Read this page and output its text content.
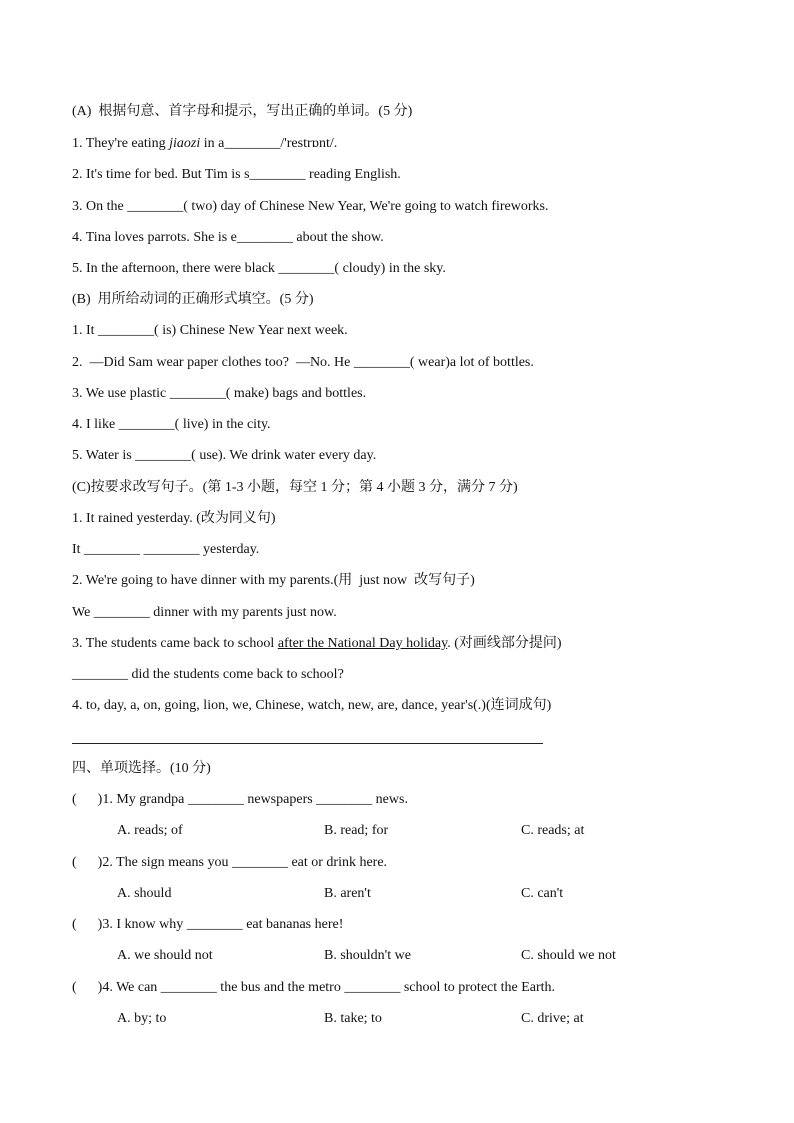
(A)  根据句意、首字母和提示，写出正确的单词。(5 分)
1. They're eating jiaozi in a________/'restrɒnt/.
2. It's time for bed. But Tim is s________ reading English.
3. On the ________( two) day of Chinese New Year, We're going to watch fireworks.
4. Tina loves parrots. She is e________ about the show.
5. In the afternoon, there were black ________( cloudy) in the sky.
(B)  用所给动词的正确形式填空。(5 分)
1. It ________( is) Chinese New Year next week.
2.  —Did Sam wear paper clothes too?  —No. He ________( wear)a lot of bottles.
3. We use plastic ________( make) bags and bottles.
4. I like ________( live) in the city.
5. Water is ________( use). We drink water every day.
(C)按要求改写句子。(第 1-3 小题，每空 1 分；第 4 小题 3 分，满分 7 分)
1. It rained yesterday. (改为同义句)
It ________ ________ yesterday.
2. We're going to have dinner with my parents.(用  just now  改写句子)
We ________ dinner with my parents just now.
3. The students came back to school after the National Day holiday. (对画线部分提问)
________ did the students come back to school?
4. to, day, a, on, going, lion, we, Chinese, watch, new, are, dance, year's(.)(连词成句)
四、单项选择。(10 分)
(      )1. My grandpa ________ newspapers ________ news.
A. reads; of	B. read; for	C. reads; at
(      )2. The sign means you ________ eat or drink here.
A. should	B. aren't	C. can't
(      )3. I know why ________ eat bananas here!
A. we should not	B. shouldn't we	C. should we not
(      )4. We can ________ the bus and the metro ________ school to protect the Earth.
A. by; to	B. take; to	C. drive; at
